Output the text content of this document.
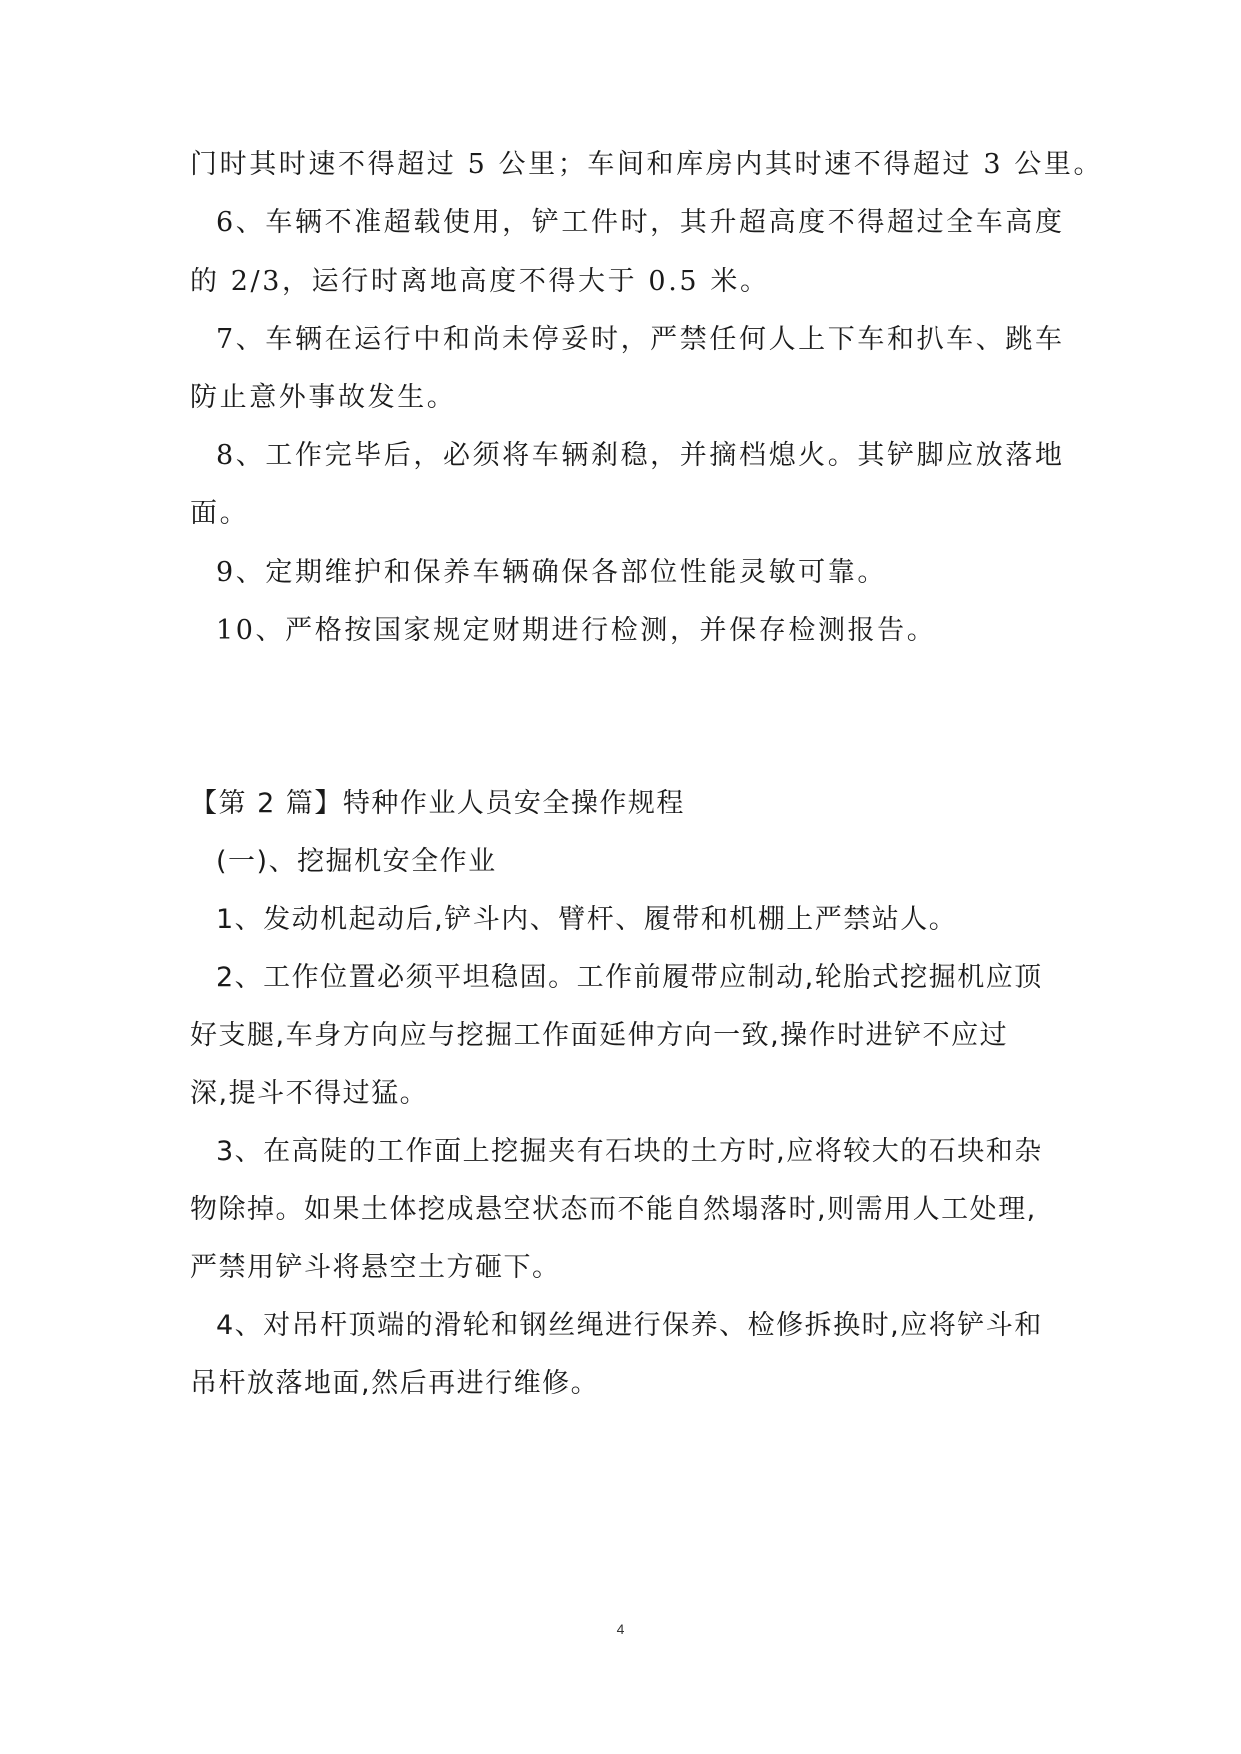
门时其时速不得超过 5 公里；车间和库房内其时速不得超过 3 公里。
6、车辆不准超载使用，铲工件时，其升超高度不得超过全车高度
的 2/3，运行时离地高度不得大于 0.5 米。
7、车辆在运行中和尚未停妥时，严禁任何人上下车和扒车、跳车
防止意外事故发生。
8、工作完毕后，必须将车辆刹稳，并摘档熄火。其铲脚应放落地
面。
9、定期维护和保养车辆确保各部位性能灵敏可靠。
10、严格按国家规定财期进行检测，并保存检测报告。
【第 2 篇】特种作业人员安全操作规程
(一)、挖掘机安全作业
1、发动机起动后,铲斗内、臂杆、履带和机棚上严禁站人。
2、工作位置必须平坦稳固。工作前履带应制动,轮胎式挖掘机应顶
好支腿,车身方向应与挖掘工作面延伸方向一致,操作时进铲不应过
深,提斗不得过猛。
3、在高陡的工作面上挖掘夹有石块的土方时,应将较大的石块和杂
物除掉。如果土体挖成悬空状态而不能自然塌落时,则需用人工处理,
严禁用铲斗将悬空土方砸下。
4、对吊杆顶端的滑轮和钢丝绳进行保养、检修拆换时,应将铲斗和
吊杆放落地面,然后再进行维修。
4
